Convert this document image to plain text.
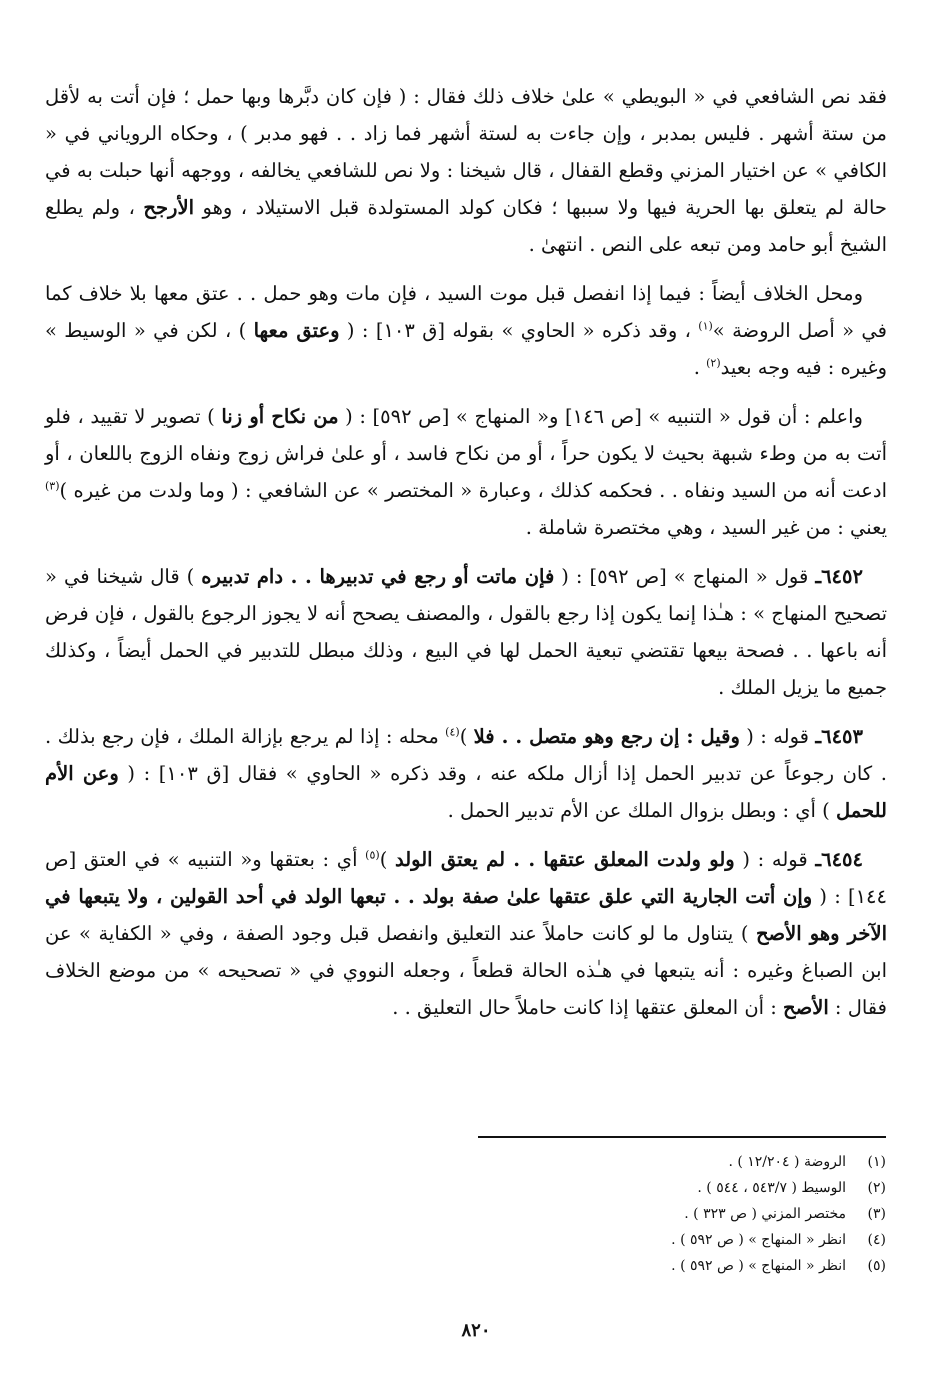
فقد نص الشافعي في « البويطي » علىٰ خلاف ذلك فقال : ( فإن كان دبَّرها وبها حمل ؛ فإن أتت به لأقل من ستة أشهر . فليس بمدبر ، وإن جاءت به لستة أشهر فما زاد . . فهو مدبر ) ، وحكاه الروياني في « الكافي » عن اختيار المزني وقطع القفال ، قال شيخنا : ولا نص للشافعي يخالفه ، ووجهه أنها حبلت به في حالة لم يتعلق بها الحرية فيها ولا سببها ؛ فكان كولد المستولدة قبل الاستيلاد ، وهو الأرجح ، ولم يطلع الشيخ أبو حامد ومن تبعه على النص . انتهىٰ .

ومحل الخلاف أيضاً : فيما إذا انفصل قبل موت السيد ، فإن مات وهو حمل . . عتق معها بلا خلاف كما في « أصل الروضة »$^{(١)}$ ، وقد ذكره « الحاوي » بقوله [ق ١٠٣] : ( وعتق معها ) ، لكن في « الوسيط » وغيره : فيه وجه بعيد$^{(٢)}$ .

واعلم : أن قول « التنبيه » [ص ١٤٦] و« المنهاج » [ص ٥٩٢] : ( من نكاح أو زنا ) تصوير لا تقييد ، فلو أتت به من وطء شبهة بحيث لا يكون حراً ، أو من نكاح فاسد ، أو علىٰ فراش زوج ونفاه الزوج باللعان ، أو ادعت أنه من السيد ونفاه . . فحكمه كذلك ، وعبارة « المختصر » عن الشافعي : ( وما ولدت من غيره )$^{(٣)}$ يعني : من غير السيد ، وهي مختصرة شاملة .

٦٤٥٢ـ قول « المنهاج » [ص ٥٩٢] : ( فإن ماتت أو رجع في تدبيرها . . دام تدبيره ) قال شيخنا في « تصحيح المنهاج » : هـٰذا إنما يكون إذا رجع بالقول ، والمصنف يصحح أنه لا يجوز الرجوع بالقول ، فإن فرض أنه باعها . . فصحة بيعها تقتضي تبعية الحمل لها في البيع ، وذلك مبطل للتدبير في الحمل أيضاً ، وكذلك جميع ما يزيل الملك .

٦٤٥٣ـ قوله : ( وقيل : إن رجع وهو متصل . . فلا )$^{(٤)}$ محله : إذا لم يرجع بإزالة الملك ، فإن رجع بذلك . . كان رجوعاً عن تدبير الحمل إذا أزال ملكه عنه ، وقد ذكره « الحاوي » فقال [ق ١٠٣] : ( وعن الأم للحمل ) أي : وبطل بزوال الملك عن الأم تدبير الحمل .

٦٤٥٤ـ قوله : ( ولو ولدت المعلق عتقها . . لم يعتق الولد )$^{(٥)}$ أي : بعتقها و« التنبيه » في العتق [ص ١٤٤] : ( وإن أتت الجارية التي علق عتقها علىٰ صفة بولد . . تبعها الولد في أحد القولين ، ولا يتبعها في الآخر وهو الأصح ) يتناول ما لو كانت حاملاً عند التعليق وانفصل قبل وجود الصفة ، وفي « الكفاية » عن ابن الصباغ وغيره : أنه يتبعها في هـٰذه الحالة قطعاً ، وجعله النووي في « تصحيحه » من موضع الخلاف فقال : الأصح : أن المعلق عتقها إذا كانت حاملاً حال التعليق . .

(١)
الروضة ( ١٢/٢٠٤ ) .
(٢)
الوسيط ( ٥٤٣/٧ ، ٥٤٤ ) .
(٣)
مختصر المزني ( ص ٣٢٣ ) .
(٤)
انظر « المنهاج » ( ص ٥٩٢ ) .
(٥)
انظر « المنهاج » ( ص ٥٩٢ ) .
٨٢٠
